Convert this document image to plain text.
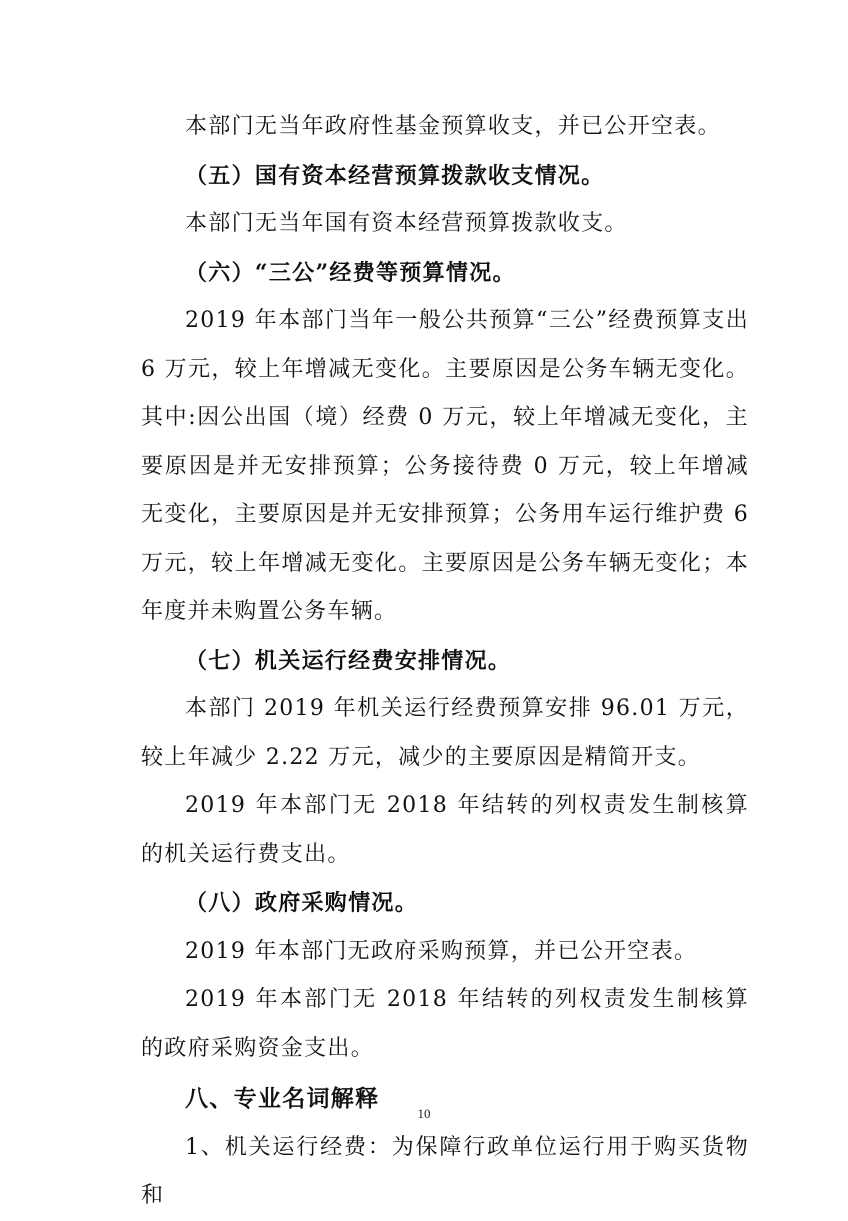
本部门无当年政府性基金预算收支，并已公开空表。

（五）国有资本经营预算拨款收支情况。

本部门无当年国有资本经营预算拨款收支。

（六）“三公”经费等预算情况。

2019 年本部门当年一般公共预算“三公”经费预算支出 6 万元，较上年增减无变化。主要原因是公务车辆无变化。其中:因公出国（境）经费 0 万元，较上年增减无变化，主要原因是并无安排预算；公务接待费 0 万元，较上年增减无变化，主要原因是并无安排预算；公务用车运行维护费 6 万元，较上年增减无变化。主要原因是公务车辆无变化；本年度并未购置公务车辆。

（七）机关运行经费安排情况。

本部门 2019 年机关运行经费预算安排 96.01 万元，较上年减少 2.22 万元，减少的主要原因是精简开支。

2019 年本部门无 2018 年结转的列权责发生制核算的机关运行费支出。

（八）政府采购情况。

2019 年本部门无政府采购预算，并已公开空表。

2019 年本部门无 2018 年结转的列权责发生制核算的政府采购资金支出。

八、专业名词解释

1、机关运行经费：为保障行政单位运行用于购买货物和

10
